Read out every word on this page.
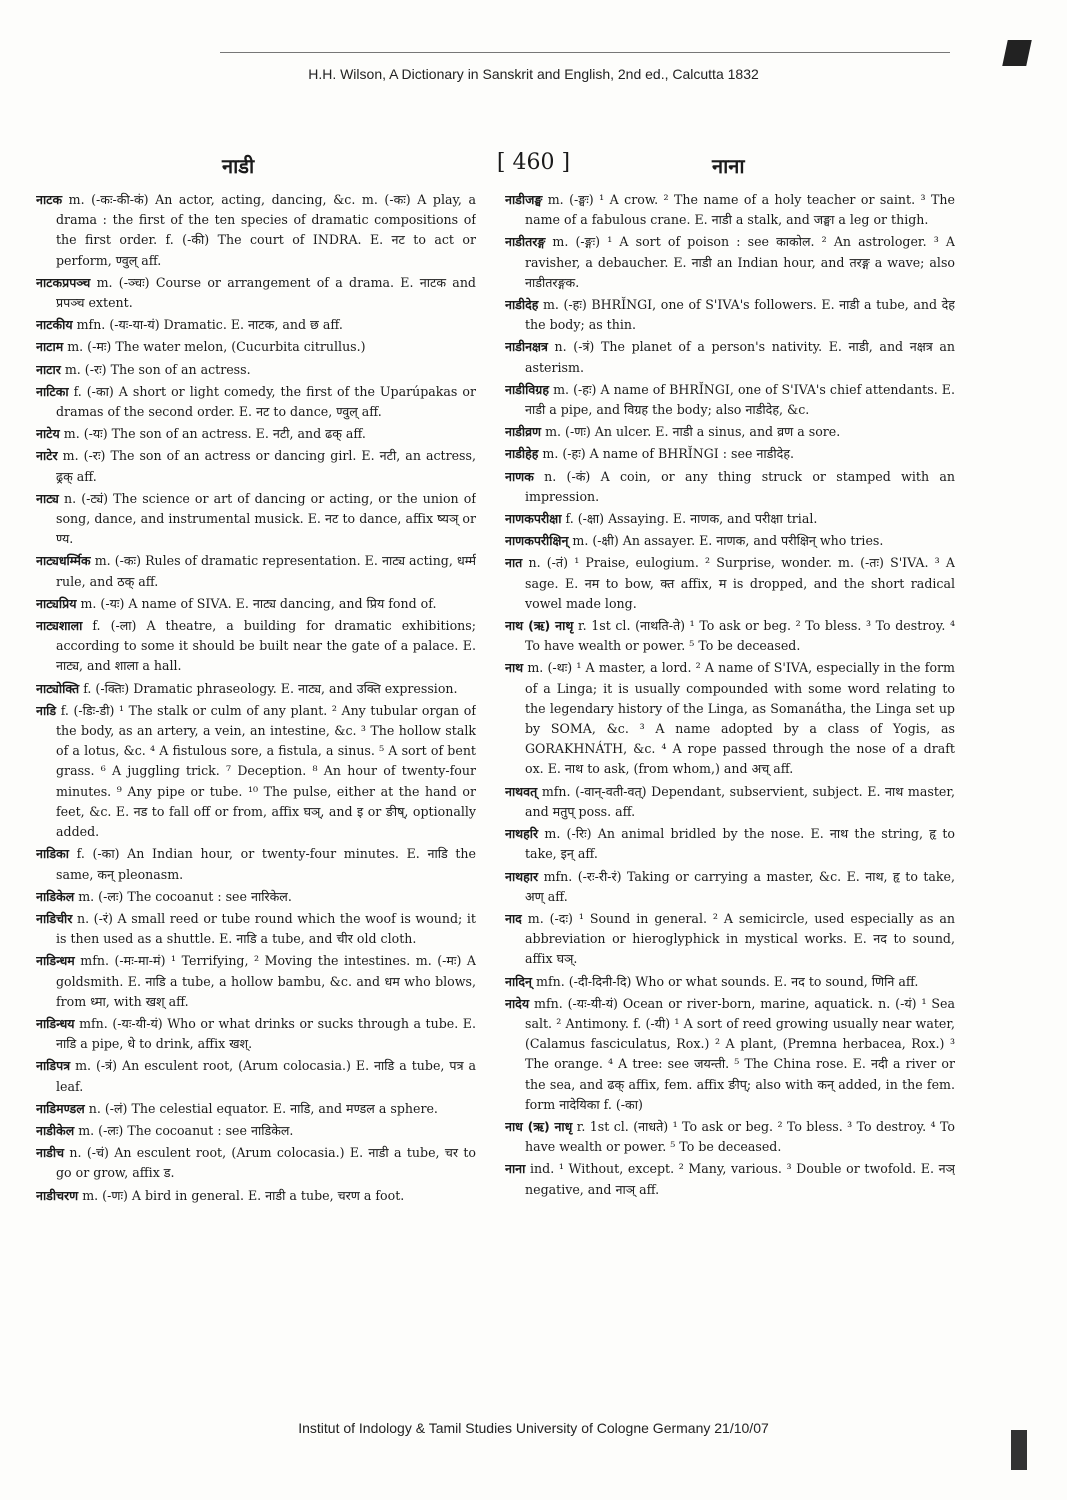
H.H. Wilson, A Dictionary in Sanskrit and English, 2nd ed., Calcutta 1832
नाडी	[ 460 ]	नाना

नाटक m. (-कः-की-कं) An actor, acting, dancing, &c. m. (-कः) A play, a drama : the first of the ten species of dramatic compositions of the first order. f. (-की) The court of INDRA. E. नट to act or perform, ण्वुल् aff.

नाटकप्रपञ्च m. (-ञ्चः) Course or arrangement of a drama. E. नाटक and प्रपञ्च extent.

नाटकीय mfn. (-यः-या-यं) Dramatic. E. नाटक, and छ aff.

नाटाम m. (-मः) The water melon, (Cucurbita citrullus.)

नाटार m. (-रः) The son of an actress.

नाटिका f. (-का) A short or light comedy, the first of the Uparúpakas or dramas of the second order. E. नट to dance, ण्वुल् aff.

नाटेय m. (-यः) The son of an actress. E. नटी, and ढक् aff.

नाटेर m. (-रः) The son of an actress or dancing girl. E. नटी, an actress, ढ्रक् aff.

नाट्य n. (-ट्यं) The science or art of dancing or acting, or the union of song, dance, and instrumental musick. E. नट to dance, affix ष्यञ् or ण्य.

नाट्यधर्म्मिक m. (-कः) Rules of dramatic representation. E. नाट्य acting, धर्म्म rule, and ठक् aff.

नाट्यप्रिय m. (-यः) A name of SIVA. E. नाट्य dancing, and प्रिय fond of.

नाट्यशाला f. (-ला) A theatre, a building for dramatic exhibitions; according to some it should be built near the gate of a palace. E. नाट्य, and शाला a hall.

नाट्योक्ति f. (-क्तिः) Dramatic phraseology. E. नाट्य, and उक्ति expression.

नाडि f. (-डिः-डी) ¹ The stalk or culm of any plant. ² Any tubular organ of the body, as an artery, a vein, an intestine, &c. ³ The hollow stalk of a lotus, &c. ⁴ A fistulous sore, a fistula, a sinus. ⁵ A sort of bent grass. ⁶ A juggling trick. ⁷ Deception. ⁸ An hour of twenty-four minutes. ⁹ Any pipe or tube. ¹⁰ The pulse, either at the hand or feet, &c. E. नड to fall off or from, affix घञ्, and इ or ङीष्, optionally added.

नाडिका f. (-का) An Indian hour, or twenty-four minutes. E. नाडि the same, कन् pleonasm.

नाडिकेल m. (-लः) The cocoanut : see नारिकेल.

नाडिचीर n. (-रं) A small reed or tube round which the woof is wound; it is then used as a shuttle. E. नाडि a tube, and चीर old cloth.

नाडिन्धम mfn. (-मः-मा-मं) ¹ Terrifying, ² Moving the intestines. m. (-मः) A goldsmith. E. नाडि a tube, a hollow bambu, &c. and धम who blows, from ध्मा, with खश् aff.

नाडिन्धय mfn. (-यः-यी-यं) Who or what drinks or sucks through a tube. E. नाडि a pipe, धे to drink, affix खश्.

नाडिपत्र m. (-त्रं) An esculent root, (Arum colocasia.) E. नाडि a tube, पत्र a leaf.

नाडिमण्डल n. (-लं) The celestial equator. E. नाडि, and मण्डल a sphere.

नाडीकेल m. (-लः) The cocoanut : see नाडिकेल.

नाडीच n. (-चं) An esculent root, (Arum colocasia.) E. नाडी a tube, चर to go or grow, affix ड.

नाडीचरण m. (-णः) A bird in general. E. नाडी a tube, चरण a foot.

नाडीजङ्घ m. (-ङ्घः) ¹ A crow. ² The name of a holy teacher or saint. ³ The name of a fabulous crane. E. नाडी a stalk, and जङ्घा a leg or thigh.

नाडीतरङ्ग m. (-ङ्गः) ¹ A sort of poison : see काकोल. ² An astrologer. ³ A ravisher, a debaucher. E. नाडी an Indian hour, and तरङ्ग a wave; also नाडीतरङ्गक.

नाडीदेह m. (-हः) BHRĬNGI, one of S'IVA's followers. E. नाडी a tube, and देह the body; as thin.

नाडीनक्षत्र n. (-त्रं) The planet of a person's nativity. E. नाडी, and नक्षत्र an asterism.

नाडीविग्रह m. (-हः) A name of BHRĬNGI, one of S'IVA's chief attendants. E. नाडी a pipe, and विग्रह the body; also नाडीदेह, &c.

नाडीव्रण m. (-णः) An ulcer. E. नाडी a sinus, and व्रण a sore.

नाडीहेह m. (-हः) A name of BHRĬNGI : see नाडीदेह.

नाणक n. (-कं) A coin, or any thing struck or stamped with an impression.

नाणकपरीक्षा f. (-क्षा) Assaying. E. नाणक, and परीक्षा trial.

नाणकपरीक्षिन् m. (-क्षी) An assayer. E. नाणक, and परीक्षिन् who tries.

नात n. (-तं) ¹ Praise, eulogium. ² Surprise, wonder. m. (-तः) S'IVA. ³ A sage. E. नम to bow, क्त affix, म is dropped, and the short radical vowel made long.

नाथ (ऋ) नाथृ r. 1st cl. (नाथति-ते) ¹ To ask or beg. ² To bless. ³ To destroy. ⁴ To have wealth or power. ⁵ To be deceased.

नाथ m. (-थः) ¹ A master, a lord. ² A name of S'IVA, especially in the form of a Linga; it is usually compounded with some word relating to the legendary history of the Linga, as Somanátha, the Linga set up by SOMA, &c. ³ A name adopted by a class of Yogis, as GORAKHNÁTH, &c. ⁴ A rope passed through the nose of a draft ox. E. नाथ to ask, (from whom,) and अच् aff.

नाथवत् mfn. (-वान्-वती-वत्) Dependant, subservient, subject. E. नाथ master, and मतुप् poss. aff.

नाथहरि m. (-रिः) An animal bridled by the nose. E. नाथ the string, हृ to take, इन् aff.

नाथहार mfn. (-रः-री-रं) Taking or carrying a master, &c. E. नाथ, हृ to take, अण् aff.

नाद m. (-दः) ¹ Sound in general. ² A semicircle, used especially as an abbreviation or hieroglyphick in mystical works. E. नद to sound, affix घञ्.

नादिन् mfn. (-दी-दिनी-दि) Who or what sounds. E. नद to sound, णिनि aff.

नादेय mfn. (-यः-यी-यं) Ocean or river-born, marine, aquatick. n. (-यं) ¹ Sea salt. ² Antimony. f. (-यी) ¹ A sort of reed growing usually near water, (Calamus fasciculatus, Rox.) ² A plant, (Premna herbacea, Rox.) ³ The orange. ⁴ A tree: see जयन्ती. ⁵ The China rose. E. नदी a river or the sea, and ढक् affix, fem. affix ङीप्; also with कन् added, in the fem. form नादेयिका f. (-का)

नाध (ऋ) नाधृ r. 1st cl. (नाधते) ¹ To ask or beg. ² To bless. ³ To destroy. ⁴ To have wealth or power. ⁵ To be deceased.

नाना ind. ¹ Without, except. ² Many, various. ³ Double or twofold. E. नञ् negative, and नाञ् aff.

Institut of Indology & Tamil Studies University of Cologne Germany 21/10/07
